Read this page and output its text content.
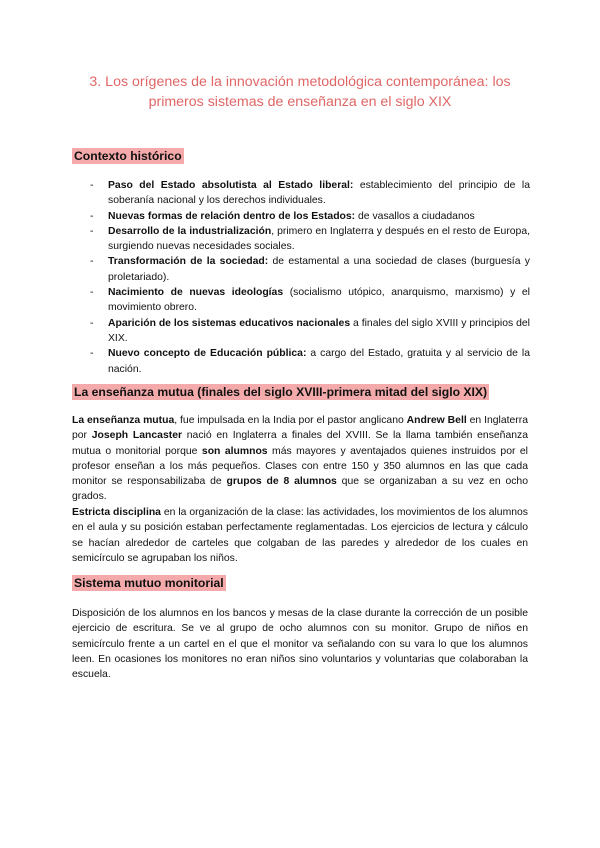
3. Los orígenes de la innovación metodológica contemporánea: los
primeros sistemas de enseñanza en el siglo XIX
Contexto histórico
- Paso del Estado absolutista al Estado liberal: establecimiento del principio de la soberanía nacional y los derechos individuales.
- Nuevas formas de relación dentro de los Estados: de vasallos a ciudadanos
- Desarrollo de la industrialización, primero en Inglaterra y después en el resto de Europa, surgiendo nuevas necesidades sociales.
- Transformación de la sociedad: de estamental a una sociedad de clases (burguesía y proletariado).
- Nacimiento de nuevas ideologías (socialismo utópico, anarquismo, marxismo) y el movimiento obrero.
- Aparición de los sistemas educativos nacionales a finales del siglo XVIII y principios del XIX.
- Nuevo concepto de Educación pública: a cargo del Estado, gratuita y al servicio de la nación.
La enseñanza mutua (finales del siglo XVIII-primera mitad del siglo XIX)

La enseñanza mutua, fue impulsada en la India por el pastor anglicano Andrew Bell en Inglaterra por Joseph Lancaster nació en Inglaterra a finales del XVIII. Se la llama también enseñanza mutua o monitorial porque son alumnos más mayores y aventajados quienes instruidos por el profesor enseñan a los más pequeños. Clases con entre 150 y 350 alumnos en las que cada monitor se responsabilizaba de grupos de 8 alumnos que se organizaban a su vez en ocho grados.

Estricta disciplina en la organización de la clase: las actividades, los movimientos de los alumnos en el aula y su posición estaban perfectamente reglamentadas. Los ejercicios de lectura y cálculo se hacían alrededor de carteles que colgaban de las paredes y alrededor de los cuales en semicírculo se agrupaban los niños.

Sistema mutuo monitorial

Disposición de los alumnos en los bancos y mesas de la clase durante la corrección de un posible ejercicio de escritura. Se ve al grupo de ocho alumnos con su monitor. Grupo de niños en semicírculo frente a un cartel en el que el monitor va señalando con su vara lo que los alumnos leen. En ocasiones los monitores no eran niños sino voluntarios y voluntarias que colaboraban la escuela.
